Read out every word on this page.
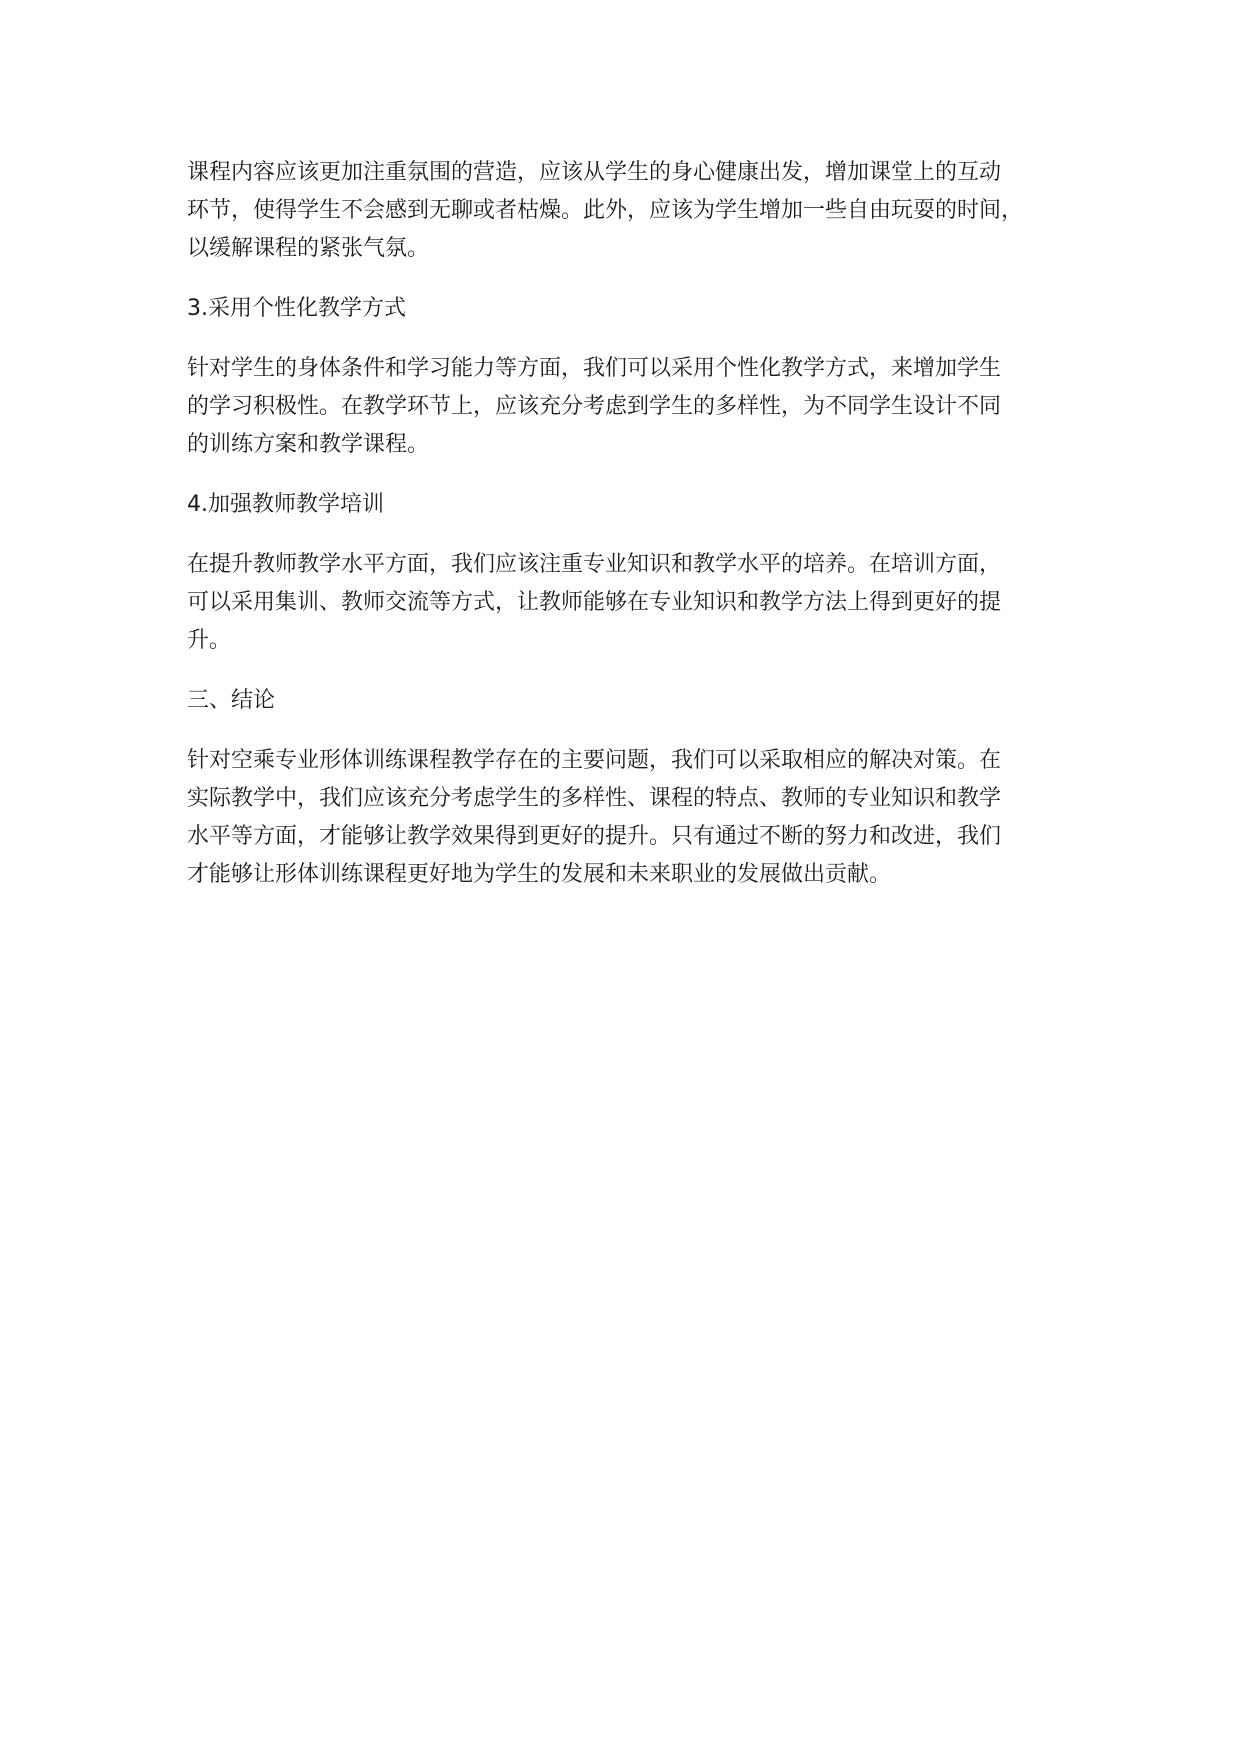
课程内容应该更加注重氛围的营造，应该从学生的身心健康出发，增加课堂上的互动
环节，使得学生不会感到无聊或者枯燥。此外，应该为学生增加一些自由玩耍的时间，
以缓解课程的紧张气氛。
3.采用个性化教学方式
针对学生的身体条件和学习能力等方面，我们可以采用个性化教学方式，来增加学生
的学习积极性。在教学环节上，应该充分考虑到学生的多样性，为不同学生设计不同
的训练方案和教学课程。
4.加强教师教学培训
在提升教师教学水平方面，我们应该注重专业知识和教学水平的培养。在培训方面，
可以采用集训、教师交流等方式，让教师能够在专业知识和教学方法上得到更好的提
升。
三、结论
针对空乘专业形体训练课程教学存在的主要问题，我们可以采取相应的解决对策。在
实际教学中，我们应该充分考虑学生的多样性、课程的特点、教师的专业知识和教学
水平等方面，才能够让教学效果得到更好的提升。只有通过不断的努力和改进，我们
才能够让形体训练课程更好地为学生的发展和未来职业的发展做出贡献。
